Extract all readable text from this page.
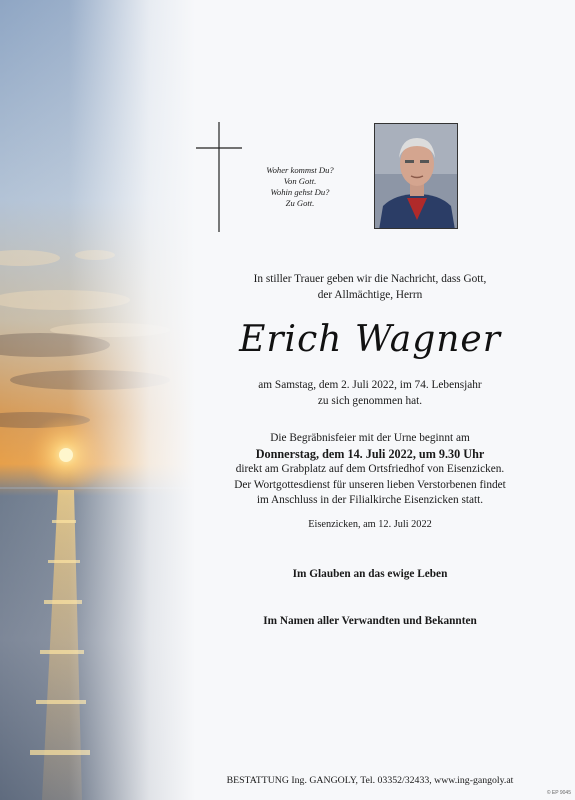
Woher kommst Du?
Von Gott.
Wohin gehst Du?
Zu Gott.
In stiller Trauer geben wir die Nachricht, dass Gott,
der Allmächtige, Herrn
Erich Wagner
am Samstag, dem 2. Juli 2022, im 74. Lebensjahr
zu sich genommen hat.
Die Begräbnisfeier mit der Urne beginnt am
Donnerstag, dem 14. Juli 2022, um 9.30 Uhr
direkt am Grabplatz auf dem Ortsfriedhof von Eisenzicken.
Der Wortgottesdienst für unseren lieben Verstorbenen findet
im Anschluss in der Filialkirche Eisenzicken statt.
Eisenzicken, am 12. Juli 2022
Im Glauben an das ewige Leben
Im Namen aller Verwandten und Bekannten
BESTATTUNG Ing. GANGOLY, Tel. 03352/32433, www.ing-gangoly.at
© EP 9045
